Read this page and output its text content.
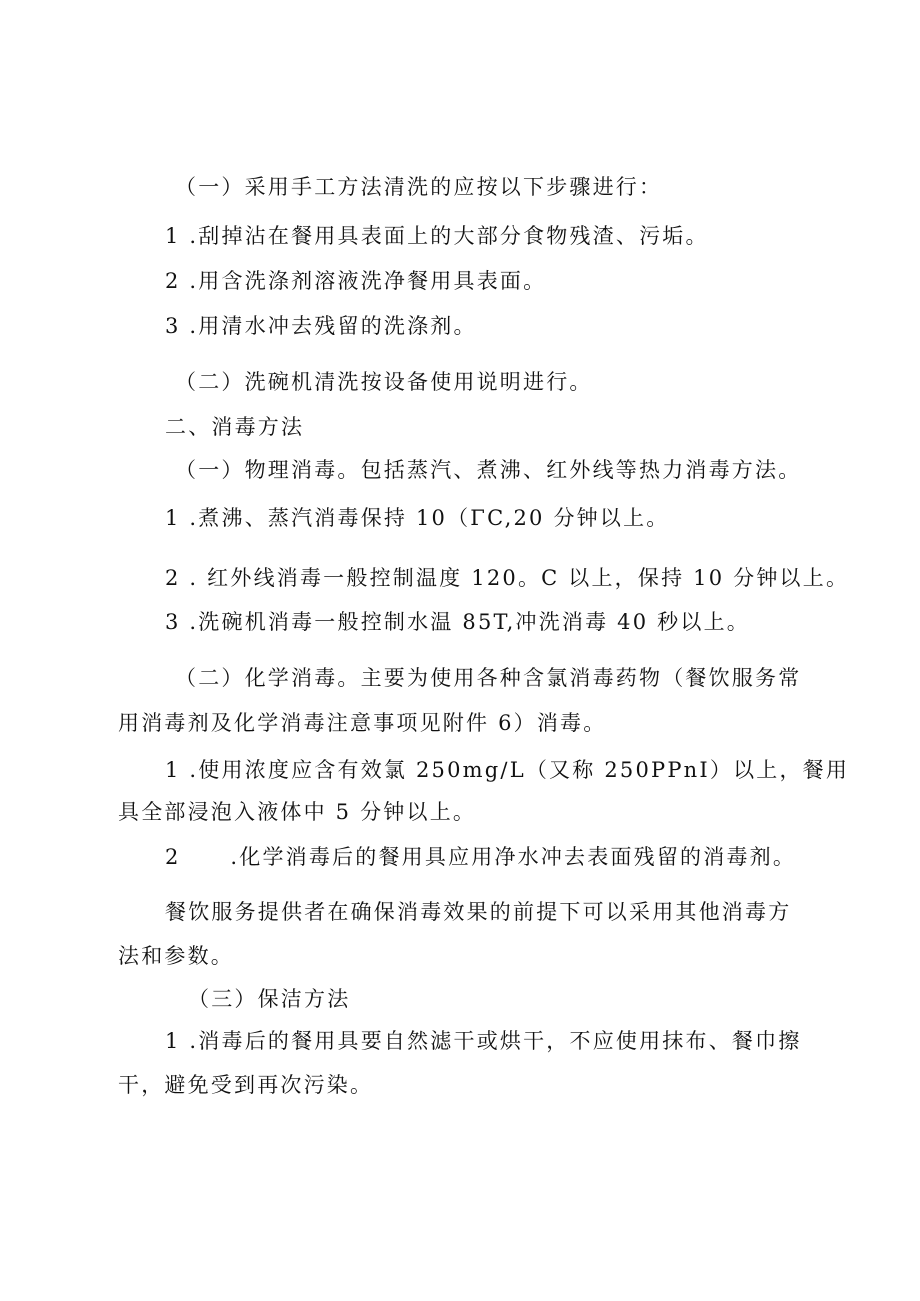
（一）采用手工方法清洗的应按以下步骤进行：
1 .刮掉沾在餐用具表面上的大部分食物残渣、污垢。
2 .用含洗涤剂溶液洗净餐用具表面。
3 .用清水冲去残留的洗涤剂。
（二）洗碗机清洗按设备使用说明进行。
二、消毒方法
（一）物理消毒。包括蒸汽、煮沸、红外线等热力消毒方法。
1 .煮沸、蒸汽消毒保持 10（ΓC,20 分钟以上。
2 . 红外线消毒一般控制温度 120。C 以上，保持 10 分钟以上。
3 .洗碗机消毒一般控制水温 85T,冲洗消毒 40 秒以上。
（二）化学消毒。主要为使用各种含氯消毒药物（餐饮服务常
用消毒剂及化学消毒注意事项见附件 6）消毒。
1 .使用浓度应含有效氯 250mg∕L（又称 250PPnI）以上，餐用
具全部浸泡入液体中 5 分钟以上。
2 .化学消毒后的餐用具应用净水冲去表面残留的消毒剂。
餐饮服务提供者在确保消毒效果的前提下可以采用其他消毒方
法和参数。
（三）保洁方法
1 .消毒后的餐用具要自然滤干或烘干，不应使用抹布、餐巾擦
干，避免受到再次污染。
